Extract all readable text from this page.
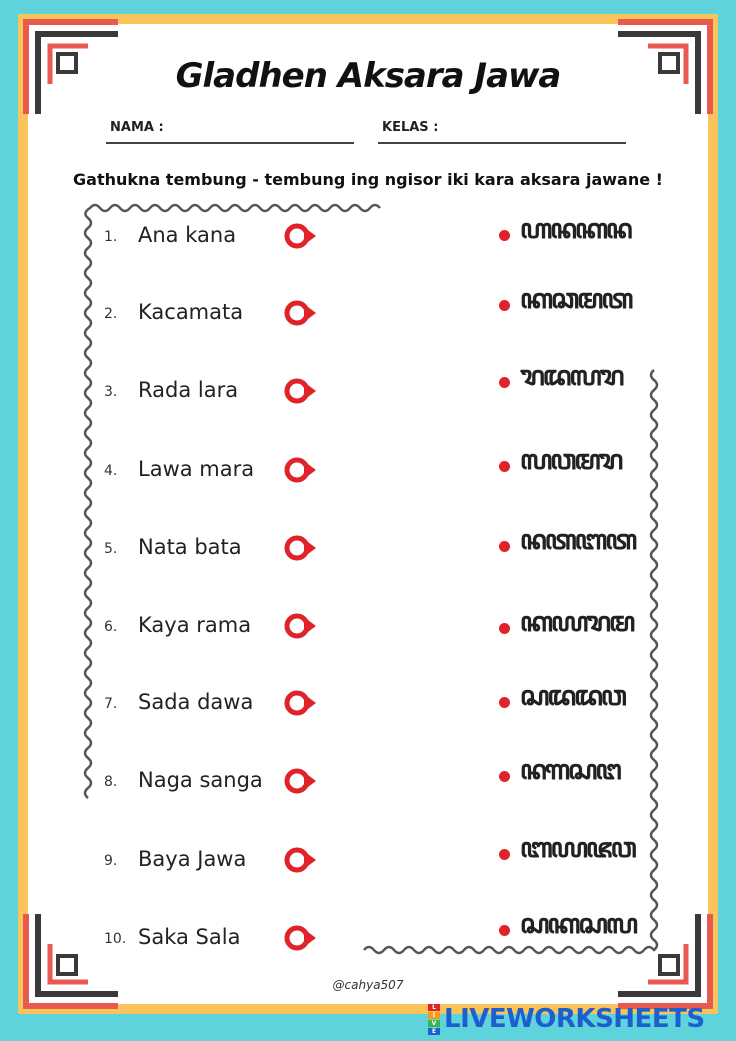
Gladhen Aksara Jawa
NAMA :	KELAS :
Gathukna tembung - tembung ing ngisor iki kara aksara jawane !
1. Ana kana	ꦲꦤꦏꦤ
2. Kacamata	ꦏꦕꦩꦠ
3. Rada lara	ꦫꦢꦭꦫ
4. Lawa mara	ꦭꦮꦩꦫ
5. Nata bata	ꦤꦠꦧꦠ
6. Kaya rama	ꦏꦪꦫꦩ
7. Sada dawa	ꦱꦢꦢꦮ
8. Naga sanga	ꦤꦒꦱꦔ
9. Baya Jawa	ꦧꦪꦗꦮ
10. Saka Sala	ꦱꦏꦱꦭ
@cahya507
L
I
V
E LIVEWORKSHEETS
